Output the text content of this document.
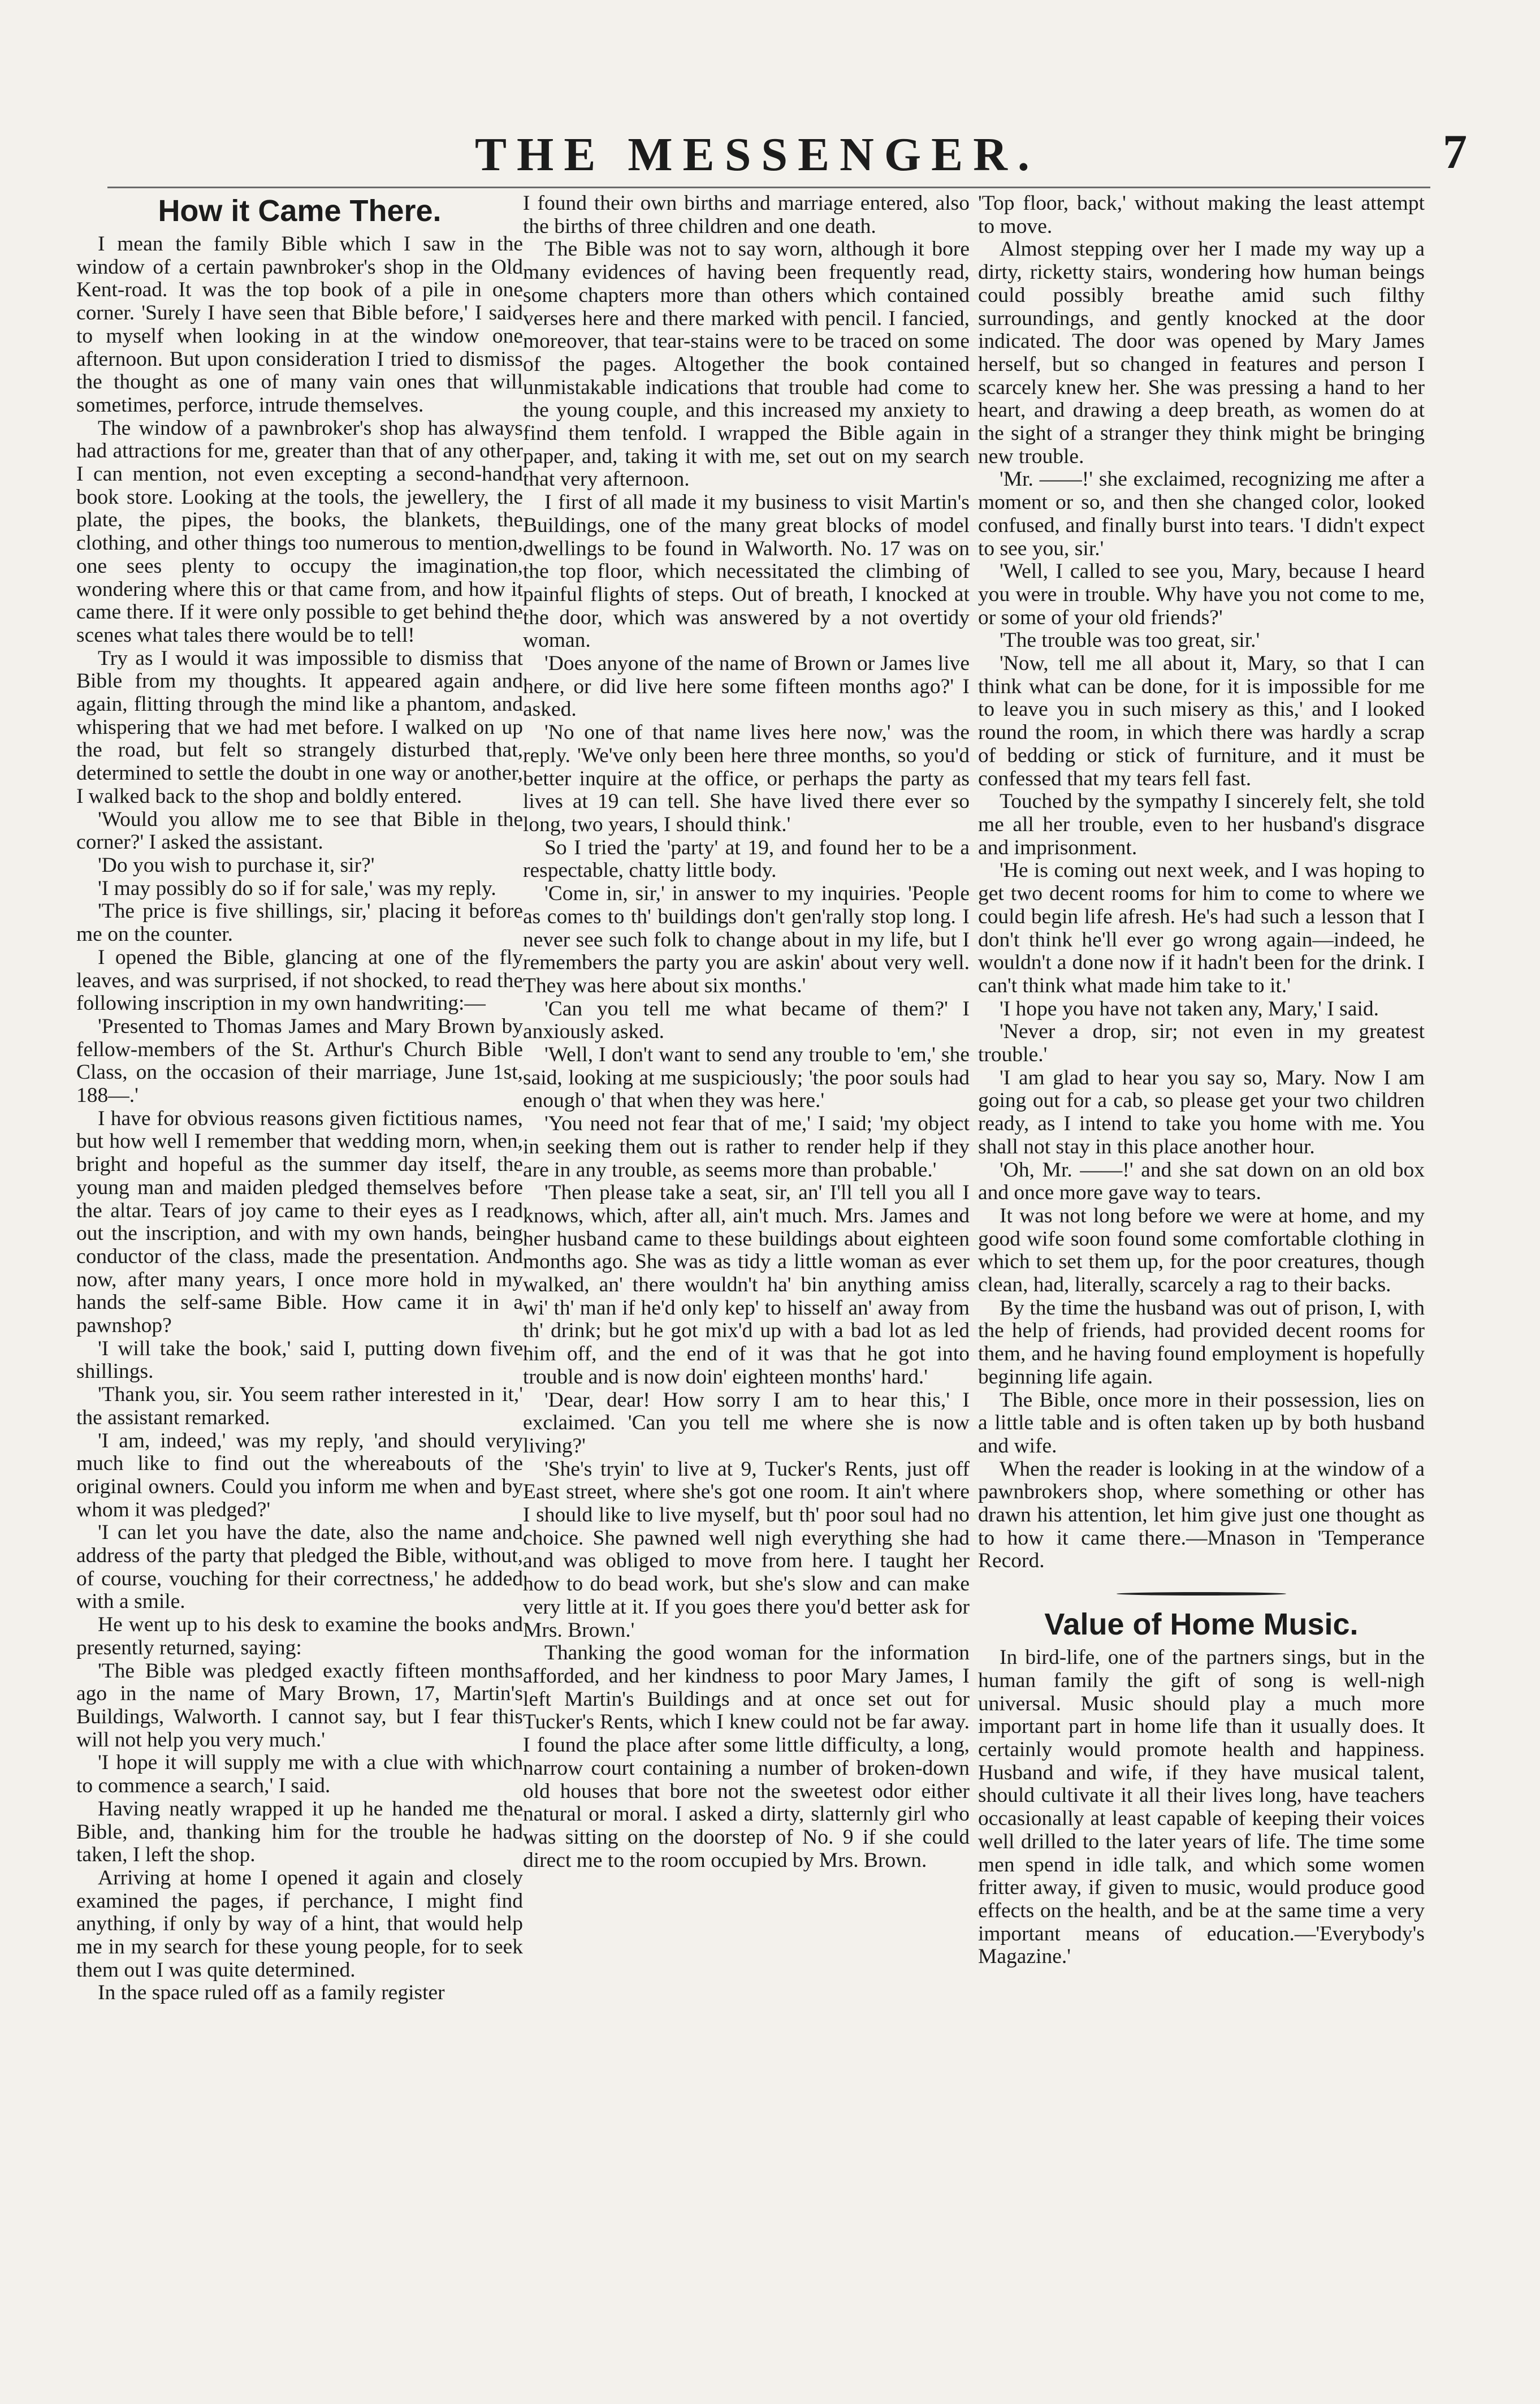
THE MESSENGER.	7
How it Came There.

I mean the family Bible which I saw in the window of a certain pawnbroker's shop in the Old Kent-road. It was the top book of a pile in one corner. 'Surely I have seen that Bible before,' I said to myself when looking in at the window one afternoon. But upon consideration I tried to dismiss the thought as one of many vain ones that will sometimes, perforce, intrude themselves.

The window of a pawnbroker's shop has always had attractions for me, greater than that of any other I can mention, not even excepting a second-hand book store. Looking at the tools, the jewellery, the plate, the pipes, the books, the blankets, the clothing, and other things too numerous to mention, one sees plenty to occupy the imagination, wondering where this or that came from, and how it came there. If it were only possible to get behind the scenes what tales there would be to tell!

Try as I would it was impossible to dismiss that Bible from my thoughts. It appeared again and again, flitting through the mind like a phantom, and whispering that we had met before. I walked on up the road, but felt so strangely disturbed that, determined to settle the doubt in one way or another, I walked back to the shop and boldly entered.

'Would you allow me to see that Bible in the corner?' I asked the assistant.

'Do you wish to purchase it, sir?'

'I may possibly do so if for sale,' was my reply.

'The price is five shillings, sir,' placing it before me on the counter.

I opened the Bible, glancing at one of the fly leaves, and was surprised, if not shocked, to read the following inscription in my own handwriting:—

'Presented to Thomas James and Mary Brown by fellow-members of the St. Arthur's Church Bible Class, on the occasion of their marriage, June 1st, 188—.'

I have for obvious reasons given fictitious names, but how well I remember that wedding morn, when, bright and hopeful as the summer day itself, the young man and maiden pledged themselves before the altar. Tears of joy came to their eyes as I read out the inscription, and with my own hands, being conductor of the class, made the presentation. And now, after many years, I once more hold in my hands the self-same Bible. How came it in a pawnshop?

'I will take the book,' said I, putting down five shillings.

'Thank you, sir. You seem rather interested in it,' the assistant remarked.

'I am, indeed,' was my reply, 'and should very much like to find out the whereabouts of the original owners. Could you inform me when and by whom it was pledged?'

'I can let you have the date, also the name and address of the party that pledged the Bible, without, of course, vouching for their correctness,' he added with a smile.

He went up to his desk to examine the books and presently returned, saying:

'The Bible was pledged exactly fifteen months ago in the name of Mary Brown, 17, Martin's Buildings, Walworth. I cannot say, but I fear this will not help you very much.'

'I hope it will supply me with a clue with which to commence a search,' I said.

Having neatly wrapped it up he handed me the Bible, and, thanking him for the trouble he had taken, I left the shop.

Arriving at home I opened it again and closely examined the pages, if perchance, I might find anything, if only by way of a hint, that would help me in my search for these young people, for to seek them out I was quite determined.

In the space ruled off as a family register

I found their own births and marriage entered, also the births of three children and one death.

The Bible was not to say worn, although it bore many evidences of having been frequently read, some chapters more than others which contained verses here and there marked with pencil. I fancied, moreover, that tear-stains were to be traced on some of the pages. Altogether the book contained unmistakable indications that trouble had come to the young couple, and this increased my anxiety to find them tenfold. I wrapped the Bible again in paper, and, taking it with me, set out on my search that very afternoon.

I first of all made it my business to visit Martin's Buildings, one of the many great blocks of model dwellings to be found in Walworth. No. 17 was on the top floor, which necessitated the climbing of painful flights of steps. Out of breath, I knocked at the door, which was answered by a not overtidy woman.

'Does anyone of the name of Brown or James live here, or did live here some fifteen months ago?' I asked.

'No one of that name lives here now,' was the reply. 'We've only been here three months, so you'd better inquire at the office, or perhaps the party as lives at 19 can tell. She have lived there ever so long, two years, I should think.'

So I tried the 'party' at 19, and found her to be a respectable, chatty little body.

'Come in, sir,' in answer to my inquiries. 'People as comes to th' buildings don't gen'rally stop long. I never see such folk to change about in my life, but I remembers the party you are askin' about very well. They was here about six months.'

'Can you tell me what became of them?' I anxiously asked.

'Well, I don't want to send any trouble to 'em,' she said, looking at me suspiciously; 'the poor souls had enough o' that when they was here.'

'You need not fear that of me,' I said; 'my object in seeking them out is rather to render help if they are in any trouble, as seems more than probable.'

'Then please take a seat, sir, an' I'll tell you all I knows, which, after all, ain't much. Mrs. James and her husband came to these buildings about eighteen months ago. She was as tidy a little woman as ever walked, an' there wouldn't ha' bin anything amiss wi' th' man if he'd only kep' to hisself an' away from th' drink; but he got mix'd up with a bad lot as led him off, and the end of it was that he got into trouble and is now doin' eighteen months' hard.'

'Dear, dear! How sorry I am to hear this,' I exclaimed. 'Can you tell me where she is now living?'

'She's tryin' to live at 9, Tucker's Rents, just off East street, where she's got one room. It ain't where I should like to live myself, but th' poor soul had no choice. She pawned well nigh everything she had and was obliged to move from here. I taught her how to do bead work, but she's slow and can make very little at it. If you goes there you'd better ask for Mrs. Brown.'

Thanking the good woman for the information afforded, and her kindness to poor Mary James, I left Martin's Buildings and at once set out for Tucker's Rents, which I knew could not be far away. I found the place after some little difficulty, a long, narrow court containing a number of broken-down old houses that bore not the sweetest odor either natural or moral. I asked a dirty, slatternly girl who was sitting on the doorstep of No. 9 if she could direct me to the room occupied by Mrs. Brown.

'Top floor, back,' without making the least attempt to move.

Almost stepping over her I made my way up a dirty, ricketty stairs, wondering how human beings could possibly breathe amid such filthy surroundings, and gently knocked at the door indicated. The door was opened by Mary James herself, but so changed in features and person I scarcely knew her. She was pressing a hand to her heart, and drawing a deep breath, as women do at the sight of a stranger they think might be bringing new trouble.

'Mr. ——!' she exclaimed, recognizing me after a moment or so, and then she changed color, looked confused, and finally burst into tears. 'I didn't expect to see you, sir.'

'Well, I called to see you, Mary, because I heard you were in trouble. Why have you not come to me, or some of your old friends?'

'The trouble was too great, sir.'

'Now, tell me all about it, Mary, so that I can think what can be done, for it is impossible for me to leave you in such misery as this,' and I looked round the room, in which there was hardly a scrap of bedding or stick of furniture, and it must be confessed that my tears fell fast.

Touched by the sympathy I sincerely felt, she told me all her trouble, even to her husband's disgrace and imprisonment.

'He is coming out next week, and I was hoping to get two decent rooms for him to come to where we could begin life afresh. He's had such a lesson that I don't think he'll ever go wrong again—indeed, he wouldn't a done now if it hadn't been for the drink. I can't think what made him take to it.'

'I hope you have not taken any, Mary,' I said.

'Never a drop, sir; not even in my greatest trouble.'

'I am glad to hear you say so, Mary. Now I am going out for a cab, so please get your two children ready, as I intend to take you home with me. You shall not stay in this place another hour.

'Oh, Mr. ——!' and she sat down on an old box and once more gave way to tears.

It was not long before we were at home, and my good wife soon found some comfortable clothing in which to set them up, for the poor creatures, though clean, had, literally, scarcely a rag to their backs.

By the time the husband was out of prison, I, with the help of friends, had provided decent rooms for them, and he having found employment is hopefully beginning life again.

The Bible, once more in their possession, lies on a little table and is often taken up by both husband and wife.

When the reader is looking in at the window of a pawnbrokers shop, where something or other has drawn his attention, let him give just one thought as to how it came there.—Mnason in 'Temperance Record.

Value of Home Music.

In bird-life, one of the partners sings, but in the human family the gift of song is well-nigh universal. Music should play a much more important part in home life than it usually does. It certainly would promote health and happiness. Husband and wife, if they have musical talent, should cultivate it all their lives long, have teachers occasionally at least capable of keeping their voices well drilled to the later years of life. The time some men spend in idle talk, and which some women fritter away, if given to music, would produce good effects on the health, and be at the same time a very important means of education.—'Everybody's Magazine.'
